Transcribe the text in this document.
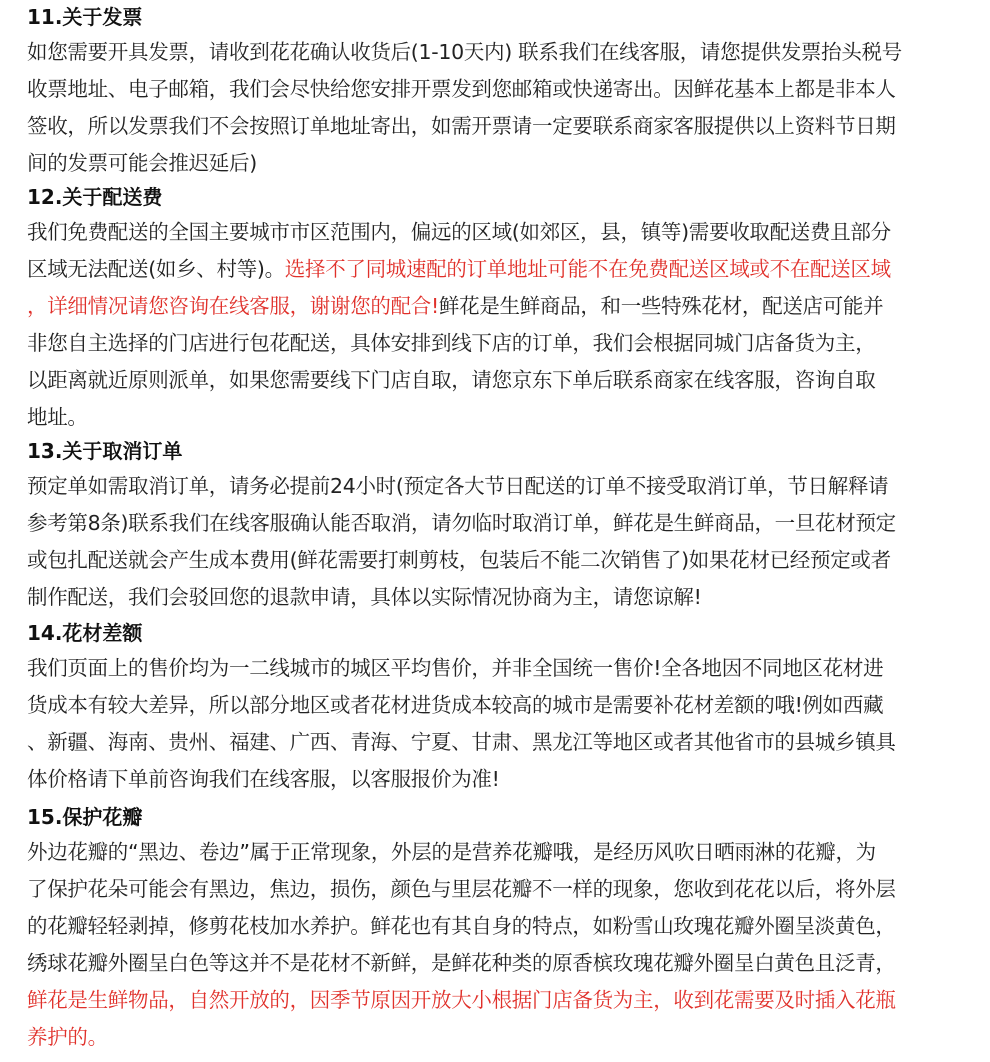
11.关于发票
如您需要开具发票，请收到花花确认收货后(1-10天内) 联系我们在线客服，请您提供发票抬头税号
收票地址、电子邮箱，我们会尽快给您安排开票发到您邮箱或快递寄出。因鲜花基本上都是非本人
签收，所以发票我们不会按照订单地址寄出，如需开票请一定要联系商家客服提供以上资料节日期
间的发票可能会推迟延后)
12.关于配送费
我们免费配送的全国主要城市市区范围内，偏远的区域(如郊区，县，镇等)需要收取配送费且部分
区域无法配送(如乡、村等)。选择不了同城速配的订单地址可能不在免费配送区域或不在配送区域
，详细情况请您咨询在线客服，谢谢您的配合!鲜花是生鲜商品，和一些特殊花材，配送店可能并
非您自主选择的门店进行包花配送，具体安排到线下店的订单，我们会根据同城门店备货为主，
以距离就近原则派单，如果您需要线下门店自取，请您京东下单后联系商家在线客服，咨询自取
地址。
13.关于取消订单
预定单如需取消订单，请务必提前24小时(预定各大节日配送的订单不接受取消订单，节日解释请
参考第8条)联系我们在线客服确认能否取消，请勿临时取消订单，鲜花是生鲜商品，一旦花材预定
或包扎配送就会产生成本费用(鲜花需要打刺剪枝，包装后不能二次销售了)如果花材已经预定或者
制作配送，我们会驳回您的退款申请，具体以实际情况协商为主，请您谅解!
14.花材差额
我们页面上的售价均为一二线城市的城区平均售价，并非全国统一售价!全各地因不同地区花材进
货成本有较大差异，所以部分地区或者花材进货成本较高的城市是需要补花材差额的哦!例如西藏
、新疆、海南、贵州、福建、广西、青海、宁夏、甘肃、黑龙江等地区或者其他省市的县城乡镇具
体价格请下单前咨询我们在线客服，以客服报价为准!
15.保护花瓣
外边花瓣的“黑边、卷边”属于正常现象，外层的是营养花瓣哦，是经历风吹日晒雨淋的花瓣，为
了保护花朵可能会有黑边，焦边，损伤，颜色与里层花瓣不一样的现象，您收到花花以后，将外层
的花瓣轻轻剥掉，修剪花枝加水养护。鲜花也有其自身的特点，如粉雪山玫瑰花瓣外圈呈淡黄色，
绣球花瓣外圈呈白色等这并不是花材不新鲜，是鲜花种类的原香槟玫瑰花瓣外圈呈白黄色且泛青，
鲜花是生鲜物品，自然开放的，因季节原因开放大小根据门店备货为主，收到花需要及时插入花瓶
养护的。
